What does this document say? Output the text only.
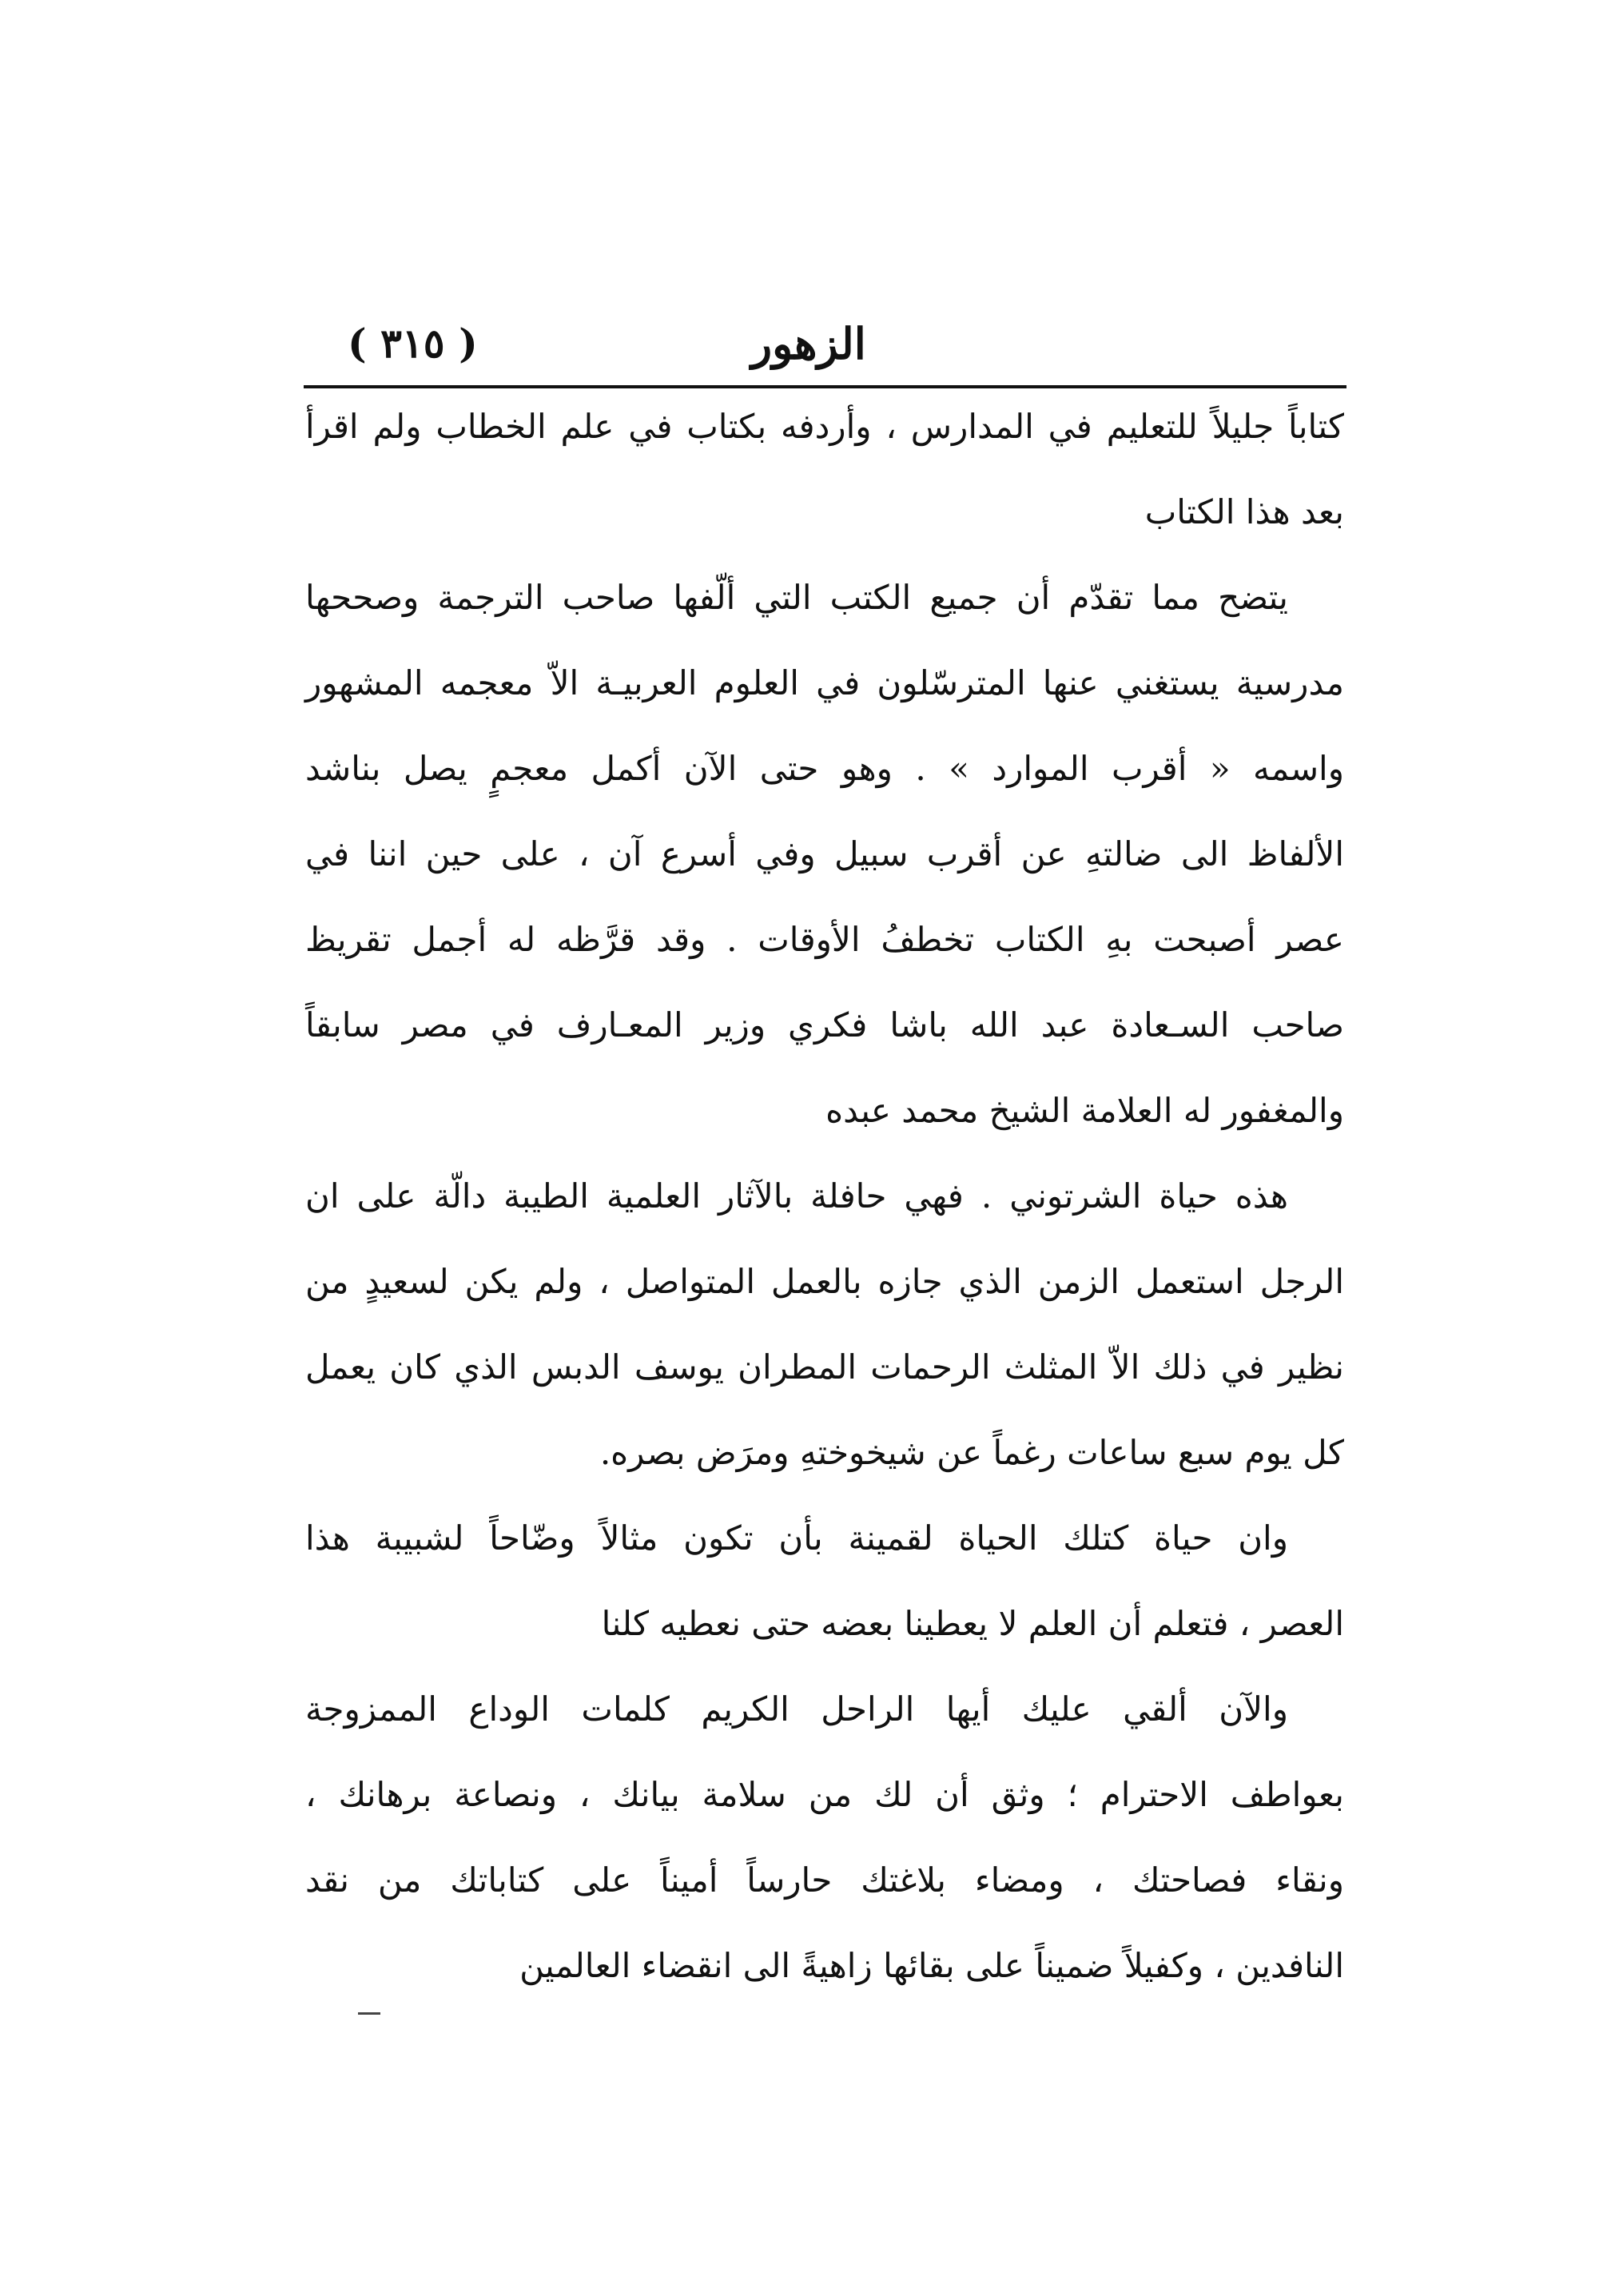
( ٣١٥ )	الزهور
كتاباً جليلاً للتعليم في المدارس ، وأردفه بكتاب في علم الخطاب ولم اقرأ
بعد هذا الكتاب
يتضح مما تقدّم أن جميع الكتب التي ألّفها صاحب الترجمة وصححها
مدرسية يستغني عنها المترسّلون في العلوم العربيـة الاّ معجمه المشهور
واسمه « أقرب الموارد » . وهو حتى الآن أكمل معجمٍ يصل بناشد
الألفاظ الى ضالتهِ عن أقرب سبيل وفي أسرع آن ، على حين اننا في
عصر أصبحت بهِ الكتاب تخطفُ الأوقات . وقد قرَّظه له أجمل تقريظ
صاحب السـعادة عبد الله باشا فكري وزير المعـارف في مصر سابقاً
والمغفور له العلامة الشيخ محمد عبده
هذه حياة الشرتوني . فهي حافلة بالآثار العلمية الطيبة دالّة على ان
الرجل استعمل الزمن الذي جازه بالعمل المتواصل ، ولم يكن لسعيدٍ من
نظير في ذلك الاّ المثلث الرحمات المطران يوسف الدبس الذي كان يعمل
كل يوم سبع ساعات رغماً عن شيخوختهِ ومرَض بصره.
وان حياة كتلك الحياة لقمينة بأن تكون مثالاً وضّاحاً لشبيبة هذا
العصر ، فتعلم أن العلم لا يعطينا بعضه حتى نعطيه كلنا
والآن ألقي عليك أيها الراحل الكريم كلمات الوداع الممزوجة
بعواطف الاحترام ؛ وثق أن لك من سلامة بيانك ، ونصاعة برهانك ،
ونقاء فصاحتك ، ومضاء بلاغتك حارساً أميناً على كتاباتك من نقد
النافدين ، وكفيلاً ضميناً على بقائها زاهيةً الى انقضاء العالمين
